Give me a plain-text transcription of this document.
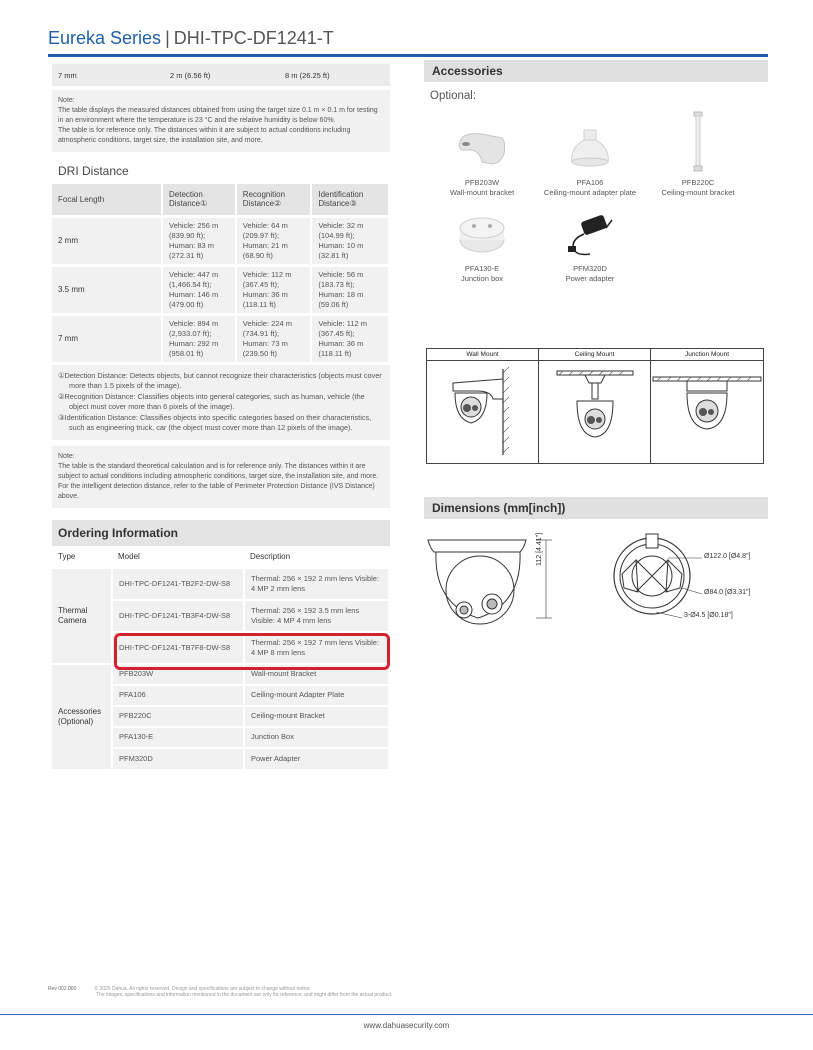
Eureka Series | DHI-TPC-DF1241-T
7 mm	2 m (6.56 ft)	8 m (26.25 ft)
Note:
The table displays the measured distances obtained from using the target size 0.1 m × 0.1 m for testing in an environment where the temperature is 23 °C and the relative humidity is below 60%.
The table is for reference only. The distances within it are subject to actual conditions including atmospheric conditions, target size, the installation site, and more.
DRI Distance
Focal Length	Detection Distance①	Recognition Distance②	Identification Distance③
2 mm	Vehicle: 256 m (839.90 ft); Human: 83 m (272.31 ft)	Vehicle: 64 m (209.97 ft); Human: 21 m (68.90 ft)	Vehicle: 32 m (104.99 ft); Human: 10 m (32.81 ft)
3.5 mm	Vehicle: 447 m (1,466.54 ft); Human: 146 m (479.00 ft)	Vehicle: 112 m (367.45 ft); Human: 36 m (118.11 ft)	Vehicle: 56 m (183.73 ft); Human: 18 m (59.06 ft)
7 mm	Vehicle: 894 m (2,933.07 ft); Human: 292 m (958.01 ft)	Vehicle: 224 m (734.91 ft); Human: 73 m (239.50 ft)	Vehicle: 112 m (367.45 ft); Human: 36 m (118.11 ft)

①Detection Distance: Detects objects, but cannot recognize their characteristics (objects must cover more than 1.5 pixels of the image).

②Recognition Distance: Classifies objects into general categories, such as human, vehicle (the object must cover more than 6 pixels of the image).

③Identification Distance: Classifies objects into specific categories based on their characteristics, such as engineering truck, car (the object must cover more than 12 pixels of the image).

Note:
The table is the standard theoretical calculation and is for reference only. The distances within it are subject to actual conditions including atmospheric conditions, target size, the installation site, and more. For the intelligent detection distance, refer to the table of Perimeter Protection Distance (IVS Distance) above.
Ordering Information
Type	Model	Description
Thermal Camera	DHI-TPC-DF1241-TB2F2-DW-S8	Thermal: 256 × 192 2 mm lens Visible: 4 MP 2 mm lens
	DHI-TPC-DF1241-TB3F4-DW-S8	Thermal: 256 × 192 3.5 mm lens Visible: 4 MP 4 mm lens
	DHI-TPC-DF1241-TB7F8-DW-S8	Thermal: 256 × 192 7 mm lens Visible: 4 MP 8 mm lens
Accessories (Optional)	PFB203W	Wall-mount Bracket
	PFA106	Ceiling-mount Adapter Plate
	PFB220C	Ceiling-mount Bracket
	PFA130-E	Junction Box
	PFM320D	Power Adapter
Accessories
Optional:
PFB203W
Wall-mount bracket
PFA106
Ceiling-mount adapter plate
PFB220C
Ceiling-mount bracket
PFA130-E
Junction box
PFM320D
Power adapter
Wall Mount	Ceiling Mount	Junction Mount
Dimensions (mm[inch])
112 [4.41"]	Ø122.0 [Ø4.8"]
Ø84.0 [Ø3.31"]
3-Ø4.5 [Ø0.18"]
Rev 002.000	© 2025 Dahua. All rights reserved. Design and specifications are subject to change without notice.
The images, specifications and information mentioned in the document are only for reference, and might differ from the actual product.
www.dahuasecurity.com
